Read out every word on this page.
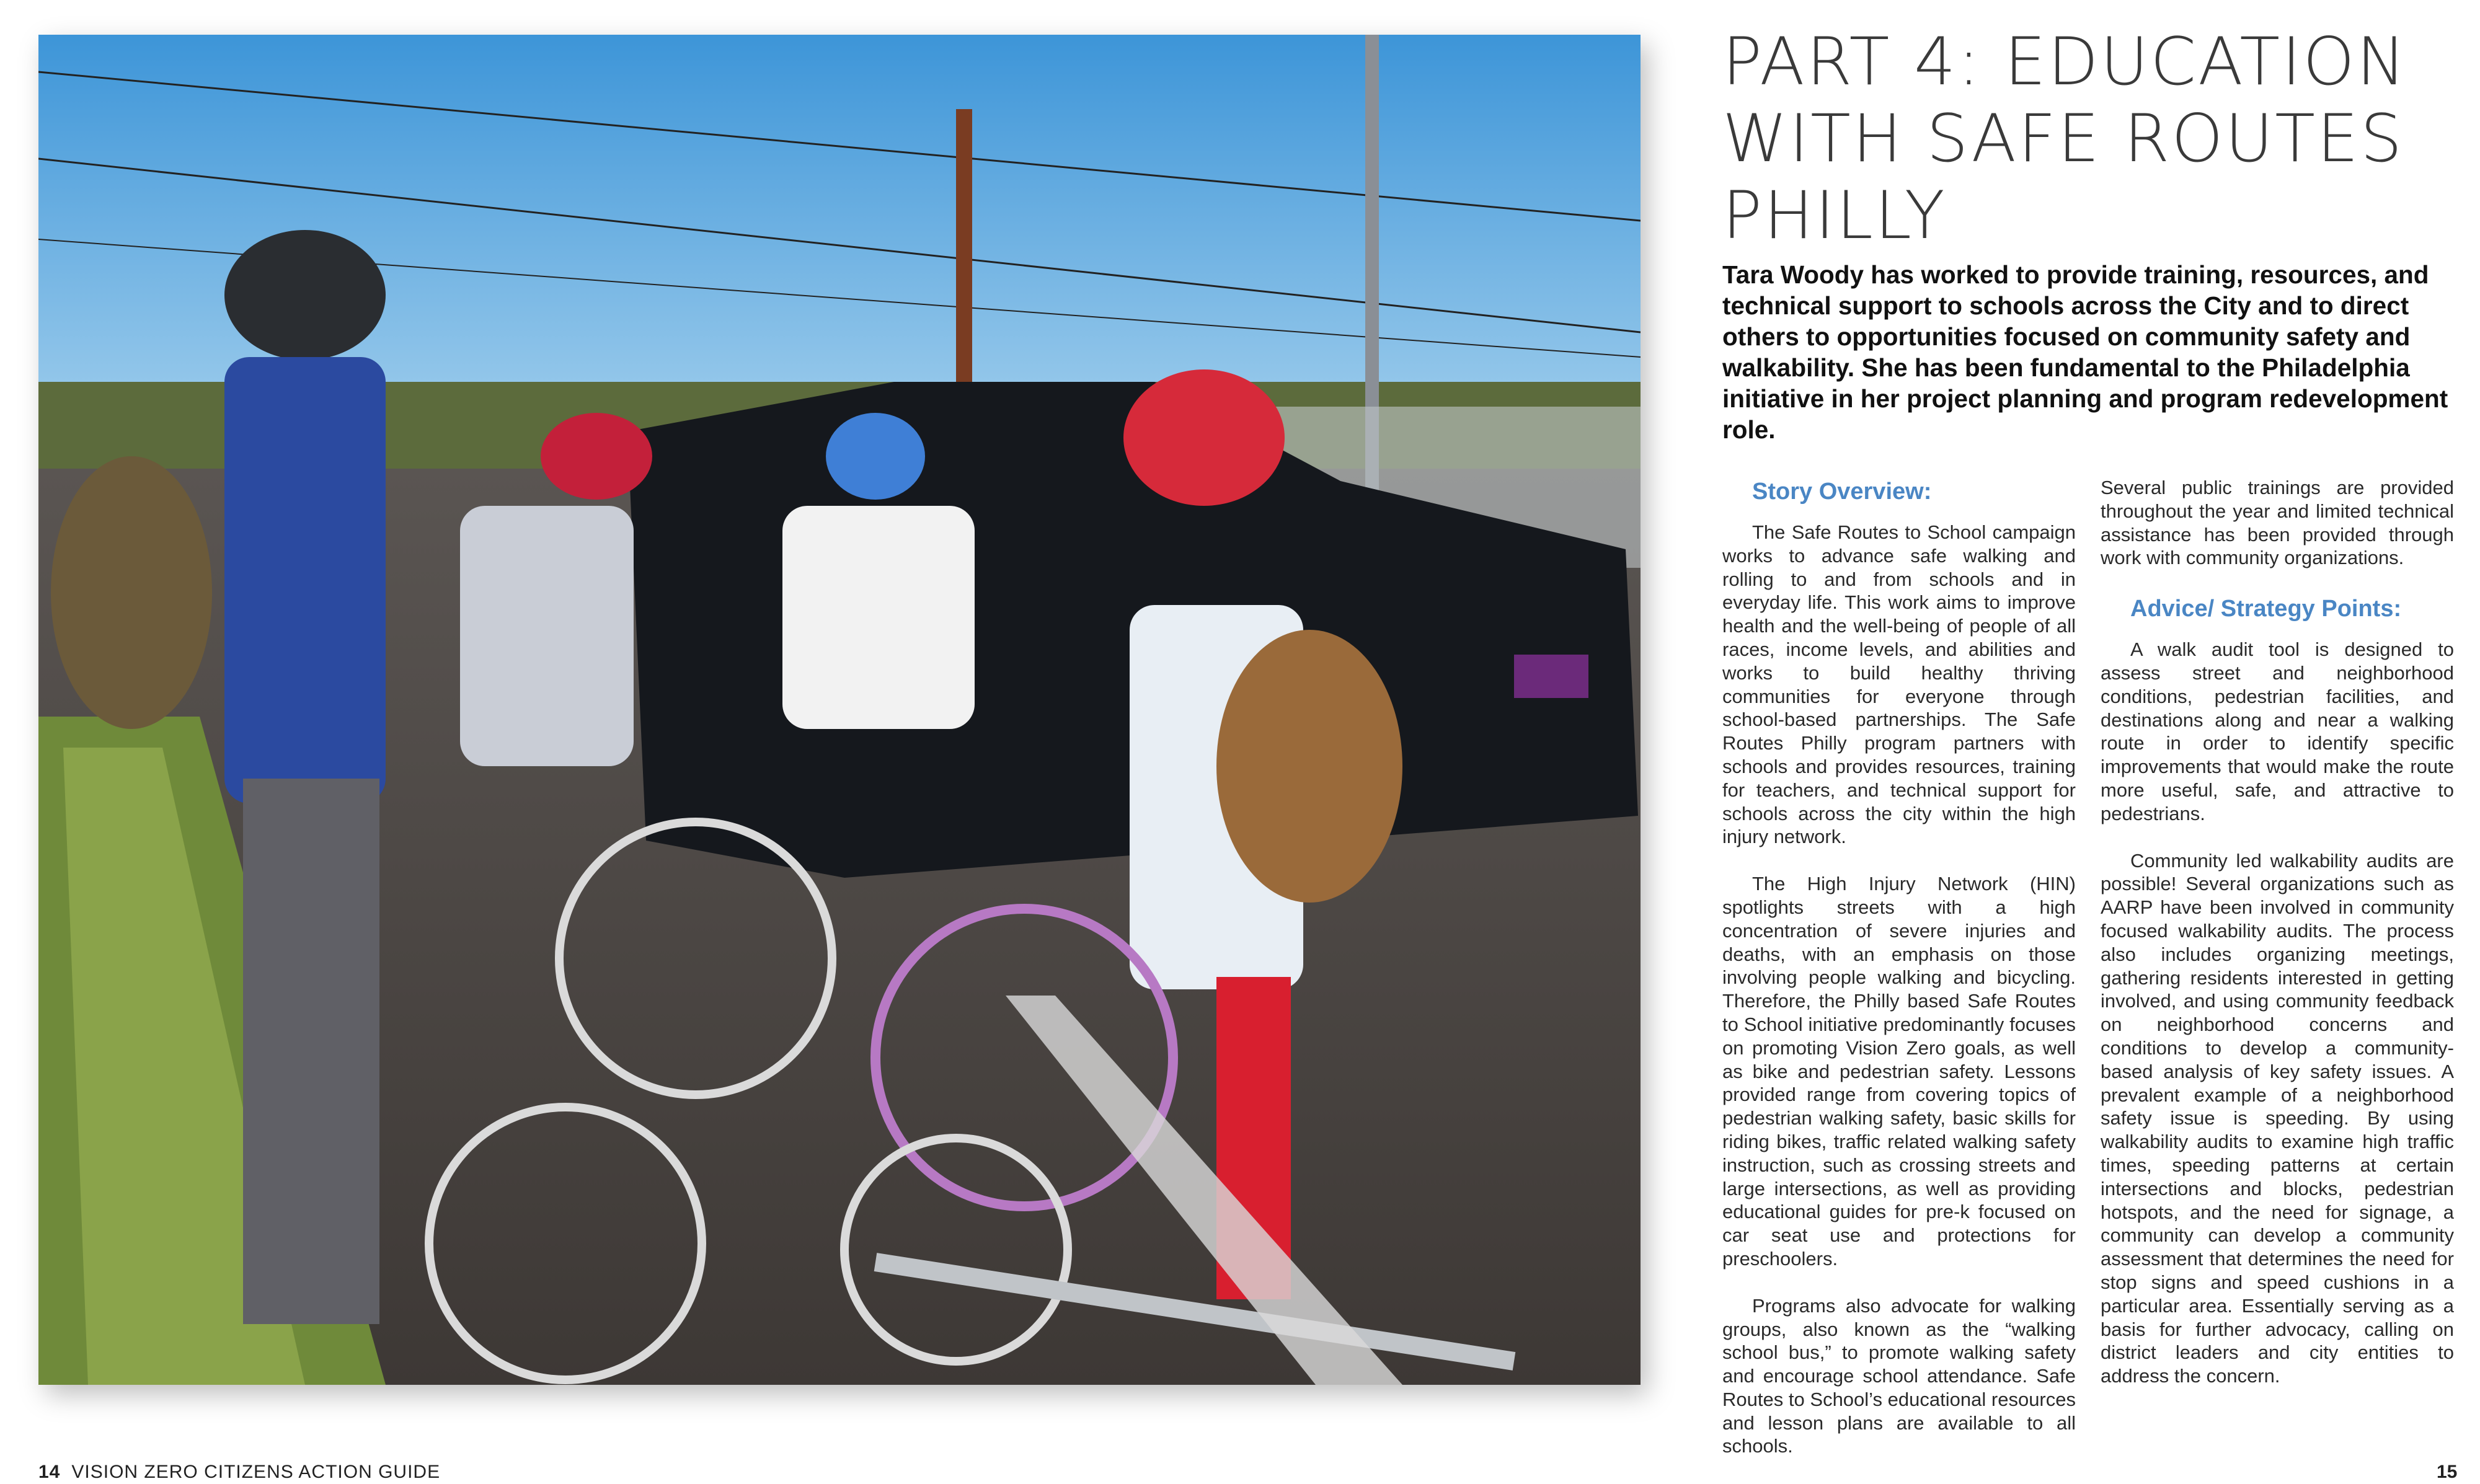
PART 4: EDUCATION WITH SAFE ROUTES PHILLY

Tara Woody has worked to provide training, resources, and technical support to schools across the City and to direct others to opportunities focused on community safety and walkability. She has been fundamental to the Philadelphia initiative in her project planning and program redevelopment role.

Story Overview:

The Safe Routes to School campaign works to advance safe walking and rolling to and from schools and in everyday life. This work aims to improve health and the well-being of people of all races, income levels, and abilities and works to build healthy thriving communities for everyone through school-based partnerships. The Safe Routes Philly program partners with schools and provides resources, training for teachers, and technical support for schools across the city within the high injury network.

The High Injury Network (HIN) spotlights streets with a high concentration of severe injuries and deaths, with an emphasis on those involving people walking and bicycling. Therefore, the Philly based Safe Routes to School initiative predominantly focuses on promoting Vision Zero goals, as well as bike and pedestrian safety. Lessons provided range from covering topics of pedestrian walking safety, basic skills for riding bikes, traffic related walking safety instruction, such as crossing streets and large intersections, as well as providing educational guides for pre-k focused on car seat use and protections for preschoolers.

Programs also advocate for walking groups, also known as the “walking school bus,” to promote walking safety and encourage school attendance. Safe Routes to School’s educational resources and lesson plans are available to all schools.

Several public trainings are provided throughout the year and limited technical assistance has been provided through work with community organizations.

Advice/ Strategy Points:

A walk audit tool is designed to assess street and neighborhood conditions, pedestrian facilities, and destinations along and near a walking route in order to identify specific improvements that would make the route more useful, safe, and attractive to pedestrians.

Community led walkability audits are possible! Several organizations such as AARP have been involved in community focused walkability audits. The process also includes organizing meetings, gathering residents interested in getting involved, and using community feedback on neighborhood concerns and conditions to develop a community-based analysis of key safety issues. A prevalent example of a neighborhood safety issue is speeding. By using walkability audits to examine high traffic times, speeding patterns at certain intersections and blocks, pedestrian hotspots, and the need for signage, a community can develop a community assessment that determines the need for stop signs and speed cushions in a particular area. Essentially serving as a basis for further advocacy, calling on district leaders and city entities to address the concern.

14 VISION ZERO CITIZENS ACTION GUIDE	15
